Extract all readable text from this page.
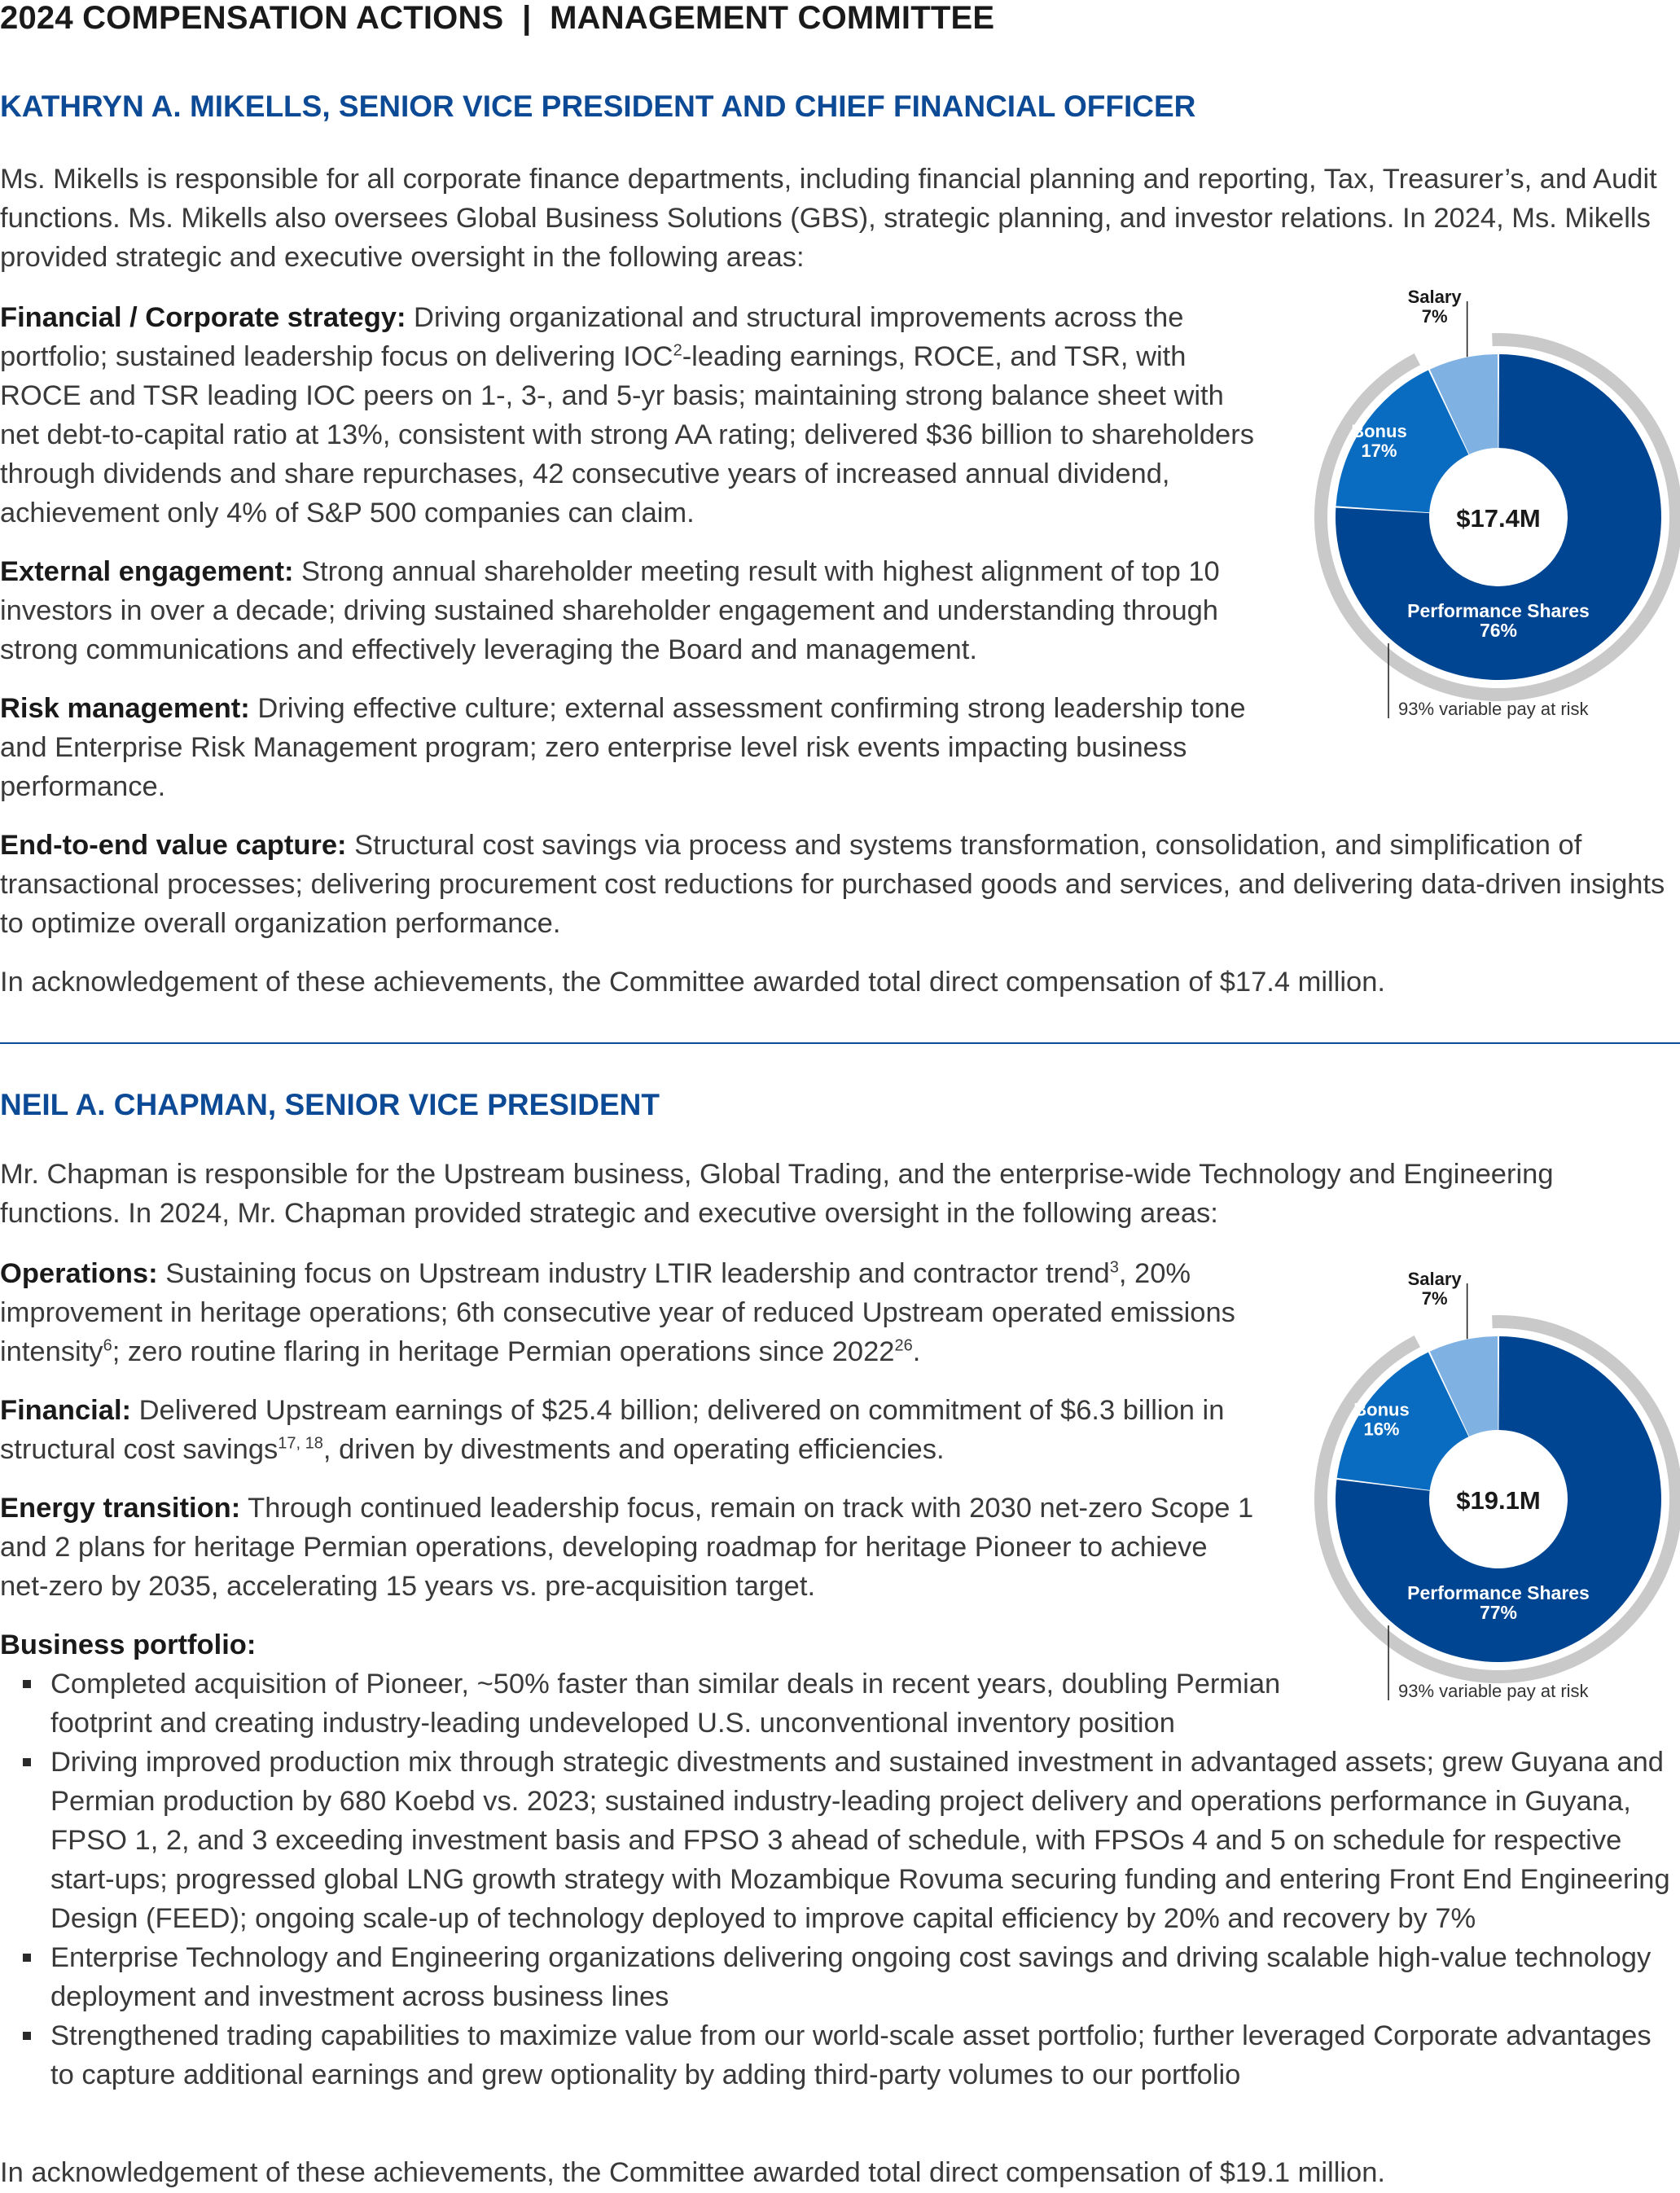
2024 COMPENSATION ACTIONS  |  MANAGEMENT COMMITTEE
KATHRYN A. MIKELLS, SENIOR VICE PRESIDENT AND CHIEF FINANCIAL OFFICER

Ms. Mikells is responsible for all corporate finance departments, including financial planning and reporting, Tax, Treasurer’s, and Audit functions. Ms. Mikells also oversees Global Business Solutions (GBS), strategic planning, and investor relations. In 2024, Ms. Mikells provided strategic and executive oversight in the following areas:

Financial / Corporate strategy: Driving organizational and structural improvements across the portfolio; sustained leadership focus on delivering IOC$^2$-leading earnings, ROCE, and TSR, with ROCE and TSR leading IOC peers on 1-, 3-, and 5-yr basis; maintaining strong balance sheet with net debt-to-capital ratio at 13%, consistent with strong AA rating; delivered $36 billion to shareholders through dividends and share repurchases, 42 consecutive years of increased annual dividend, achievement only 4% of S&P 500 companies can claim.

External engagement: Strong annual shareholder meeting result with highest alignment of top 10 investors in over a decade; driving sustained shareholder engagement and understanding through strong communications and effectively leveraging the Board and management.

Risk management: Driving effective culture; external assessment confirming strong leadership tone and Enterprise Risk Management program; zero enterprise level risk events impacting business performance.

End-to-end value capture: Structural cost savings via process and systems transformation, consolidation, and simplification of transactional processes; delivering procurement cost reductions for purchased goods and services, and delivering data-driven insights to optimize overall organization performance.

In acknowledgement of these achievements, the Committee awarded total direct compensation of $17.4 million.

$17.4M
Performance Shares
76%
Bonus
17%
Salary
7%
93% variable pay at risk
NEIL A. CHAPMAN, SENIOR VICE PRESIDENT

Mr. Chapman is responsible for the Upstream business, Global Trading, and the enterprise-wide Technology and Engineering functions. In 2024, Mr. Chapman provided strategic and executive oversight in the following areas:

Operations: Sustaining focus on Upstream industry LTIR leadership and contractor trend$^3$, 20% improvement in heritage operations; 6th consecutive year of reduced Upstream operated emissions intensity$^6$; zero routine flaring in heritage Permian operations since 2022$^{26}$.

Financial: Delivered Upstream earnings of $25.4 billion; delivered on commitment of $6.3 billion in structural cost savings$^{17, 18}$, driven by divestments and operating efficiencies.

Energy transition: Through continued leadership focus, remain on track with 2030 net-zero Scope 1 and 2 plans for heritage Permian operations, developing roadmap for heritage Pioneer to achieve net-zero by 2035, accelerating 15 years vs. pre-acquisition target.

Business portfolio:

Completed acquisition of Pioneer, ~50% faster than similar deals in recent years, doubling Permian footprint and creating industry-leading undeveloped U.S. unconventional inventory position
Driving improved production mix through strategic divestments and sustained investment in advantaged assets; grew Guyana and Permian production by 680 Koebd vs. 2023; sustained industry-leading project delivery and operations performance in Guyana, FPSO 1, 2, and 3 exceeding investment basis and FPSO 3 ahead of schedule, with FPSOs 4 and 5 on schedule for respective start-ups; progressed global LNG growth strategy with Mozambique Rovuma securing funding and entering Front End Engineering Design (FEED); ongoing scale-up of technology deployed to improve capital efficiency by 20% and recovery by 7%
Enterprise Technology and Engineering organizations delivering ongoing cost savings and driving scalable high-value technology deployment and investment across business lines
Strengthened trading capabilities to maximize value from our world-scale asset portfolio; further leveraged Corporate advantages to capture additional earnings and grew optionality by adding third-party volumes to our portfolio

In acknowledgement of these achievements, the Committee awarded total direct compensation of $19.1 million.

$19.1M
Performance Shares
77%
Bonus
16%
Salary
7%
93% variable pay at risk
